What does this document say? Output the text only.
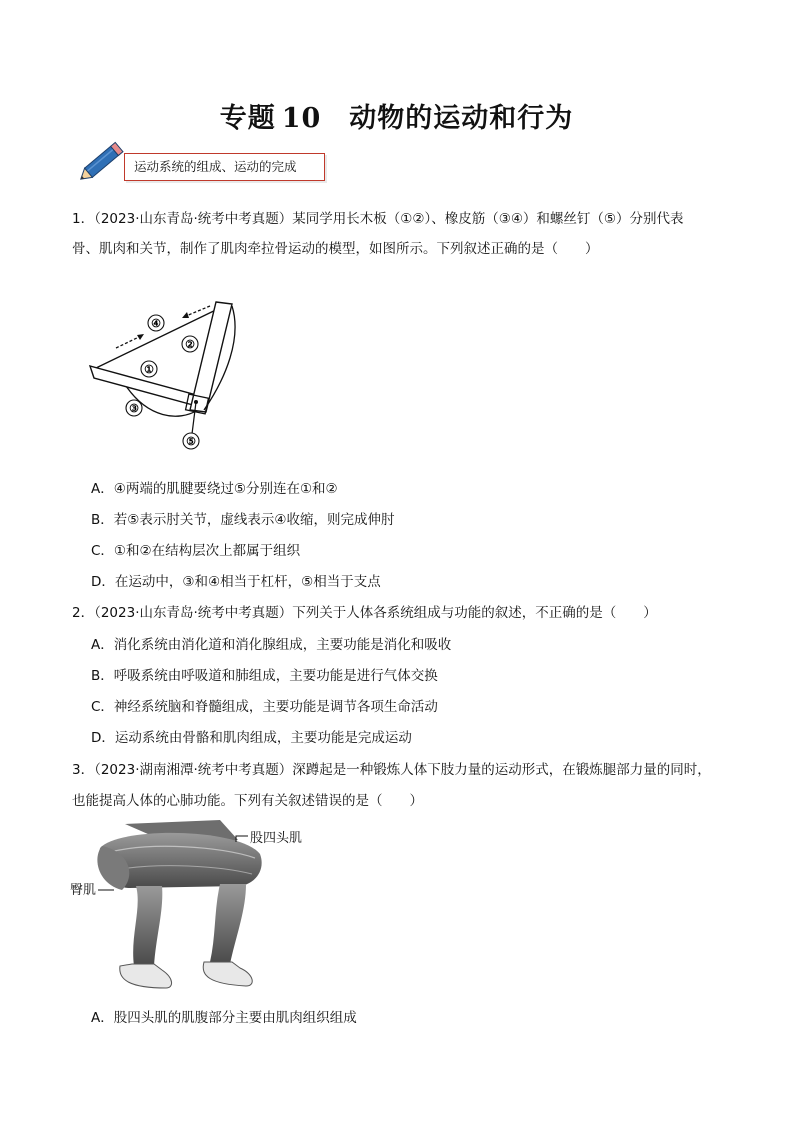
专题 10 动物的运动和行为
运动系统的组成、运动的完成
1．（2023·山东青岛·统考中考真题）某同学用长木板（①②）、橡皮筋（③④）和螺丝钉（⑤）分别代表
骨、肌肉和关节，制作了肌肉牵拉骨运动的模型，如图所示。下列叙述正确的是（　　）
④
②
①
③
⑤
A．④两端的肌腱要绕过⑤分别连在①和②
B．若⑤表示肘关节，虚线表示④收缩，则完成伸肘
C．①和②在结构层次上都属于组织
D．在运动中，③和④相当于杠杆，⑤相当于支点
2．（2023·山东青岛·统考中考真题）下列关于人体各系统组成与功能的叙述，不正确的是（　　）
A．消化系统由消化道和消化腺组成，主要功能是消化和吸收
B．呼吸系统由呼吸道和肺组成，主要功能是进行气体交换
C．神经系统脑和脊髓组成，主要功能是调节各项生命活动
D．运动系统由骨骼和肌肉组成，主要功能是完成运动
3．（2023·湖南湘潭·统考中考真题）深蹲起是一种锻炼人体下肢力量的运动形式，在锻炼腿部力量的同时，
也能提高人体的心肺功能。下列有关叙述错误的是（　　）
股四头肌
臀肌
A．股四头肌的肌腹部分主要由肌肉组织组成
